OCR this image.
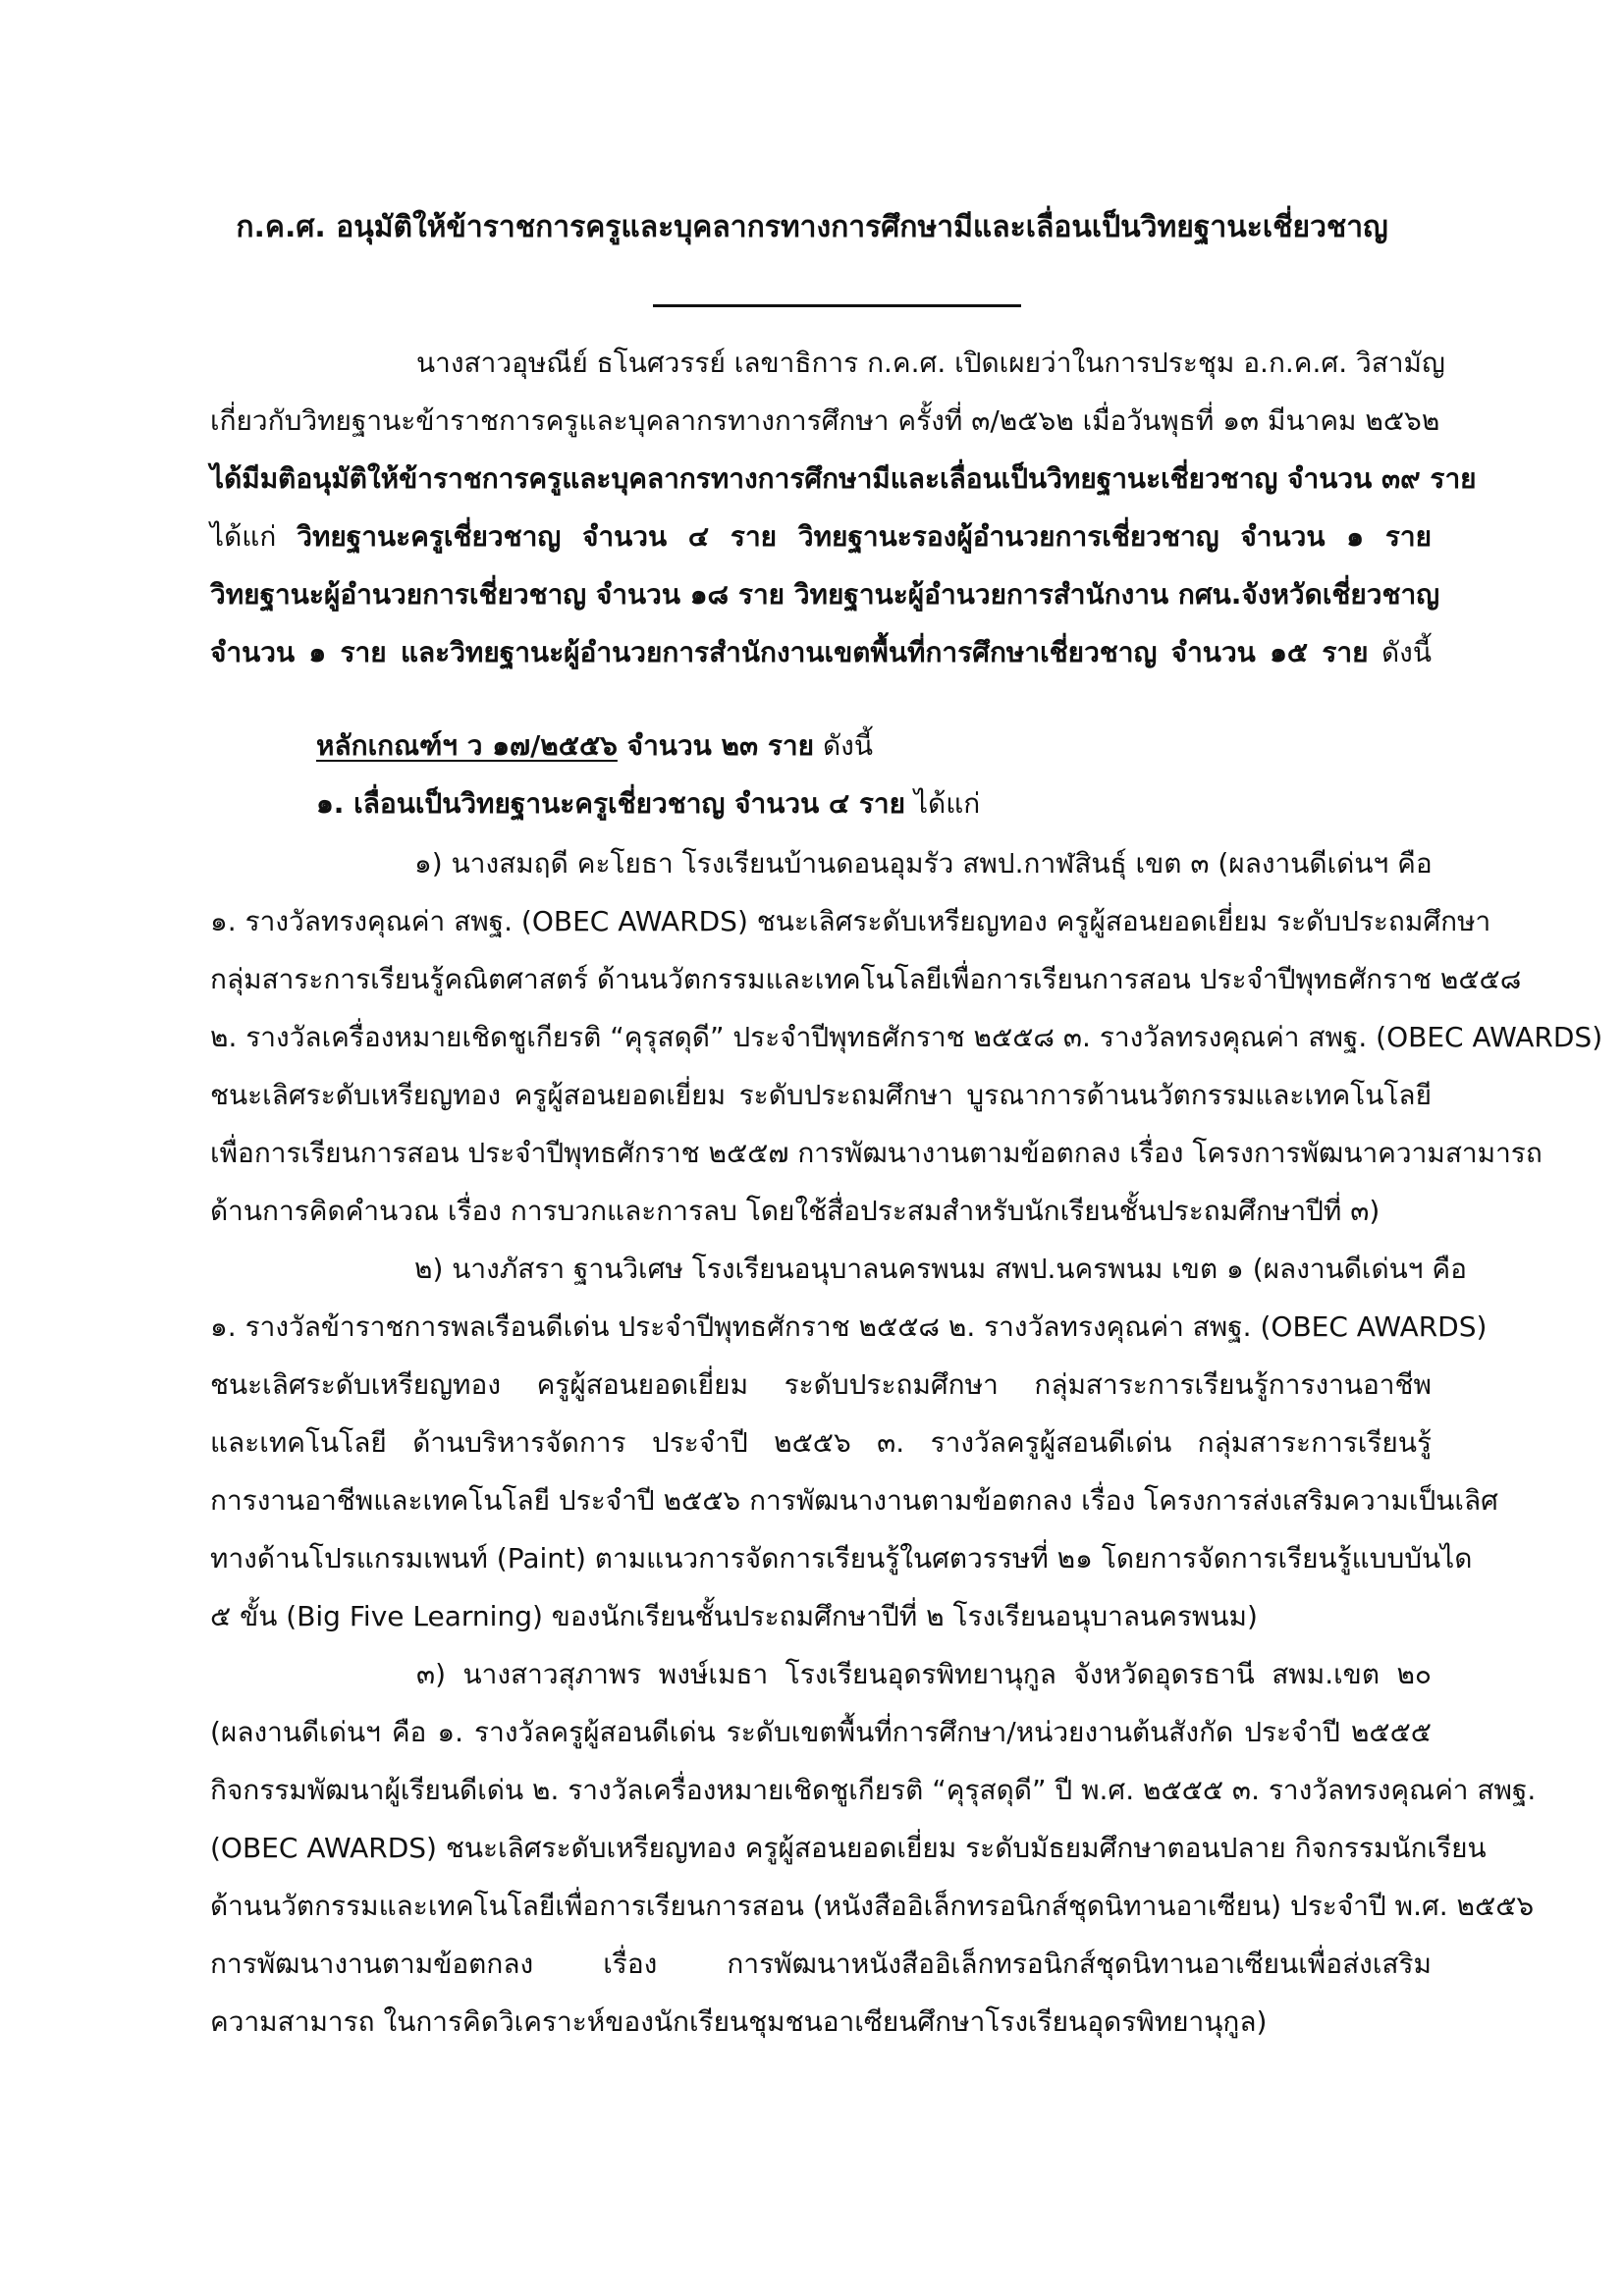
ก.ค.ศ. อนุมัติให้ข้าราชการครูและบุคลากรทางการศึกษามีและเลื่อนเป็นวิทยฐานะเชี่ยวชาญ
นางสาวอุษณีย์ ธโนศวรรย์ เลขาธิการ ก.ค.ศ. เปิดเผยว่าในการประชุม อ.ก.ค.ศ. วิสามัญ
เกี่ยวกับวิทยฐานะข้าราชการครูและบุคลากรทางการศึกษา ครั้งที่ ๓/๒๕๖๒ เมื่อวันพุธที่ ๑๓ มีนาคม ๒๕๖๒
ได้มีมติอนุมัติให้ข้าราชการครูและบุคลากรทางการศึกษามีและเลื่อนเป็นวิทยฐานะเชี่ยวชาญ จำนวน ๓๙ ราย
ได้แก่ วิทยฐานะครูเชี่ยวชาญ จำนวน ๔ ราย วิทยฐานะรองผู้อำนวยการเชี่ยวชาญ จำนวน ๑ ราย
วิทยฐานะผู้อำนวยการเชี่ยวชาญ จำนวน ๑๘ ราย วิทยฐานะผู้อำนวยการสำนักงาน กศน.จังหวัดเชี่ยวชาญ
จำนวน ๑ ราย และวิทยฐานะผู้อำนวยการสำนักงานเขตพื้นที่การศึกษาเชี่ยวชาญ จำนวน ๑๕ ราย ดังนี้
หลักเกณฑ์ฯ ว ๑๗/๒๕๕๖ จำนวน ๒๓ ราย ดังนี้
๑. เลื่อนเป็นวิทยฐานะครูเชี่ยวชาญ จำนวน ๔ ราย ได้แก่
๑) นางสมฤดี คะโยธา โรงเรียนบ้านดอนอุมรัว สพป.กาฬสินธุ์ เขต ๓ (ผลงานดีเด่นฯ คือ
๑. รางวัลทรงคุณค่า สพฐ. (OBEC AWARDS) ชนะเลิศระดับเหรียญทอง ครูผู้สอนยอดเยี่ยม ระดับประถมศึกษา
กลุ่มสาระการเรียนรู้คณิตศาสตร์ ด้านนวัตกรรมและเทคโนโลยีเพื่อการเรียนการสอน ประจำปีพุทธศักราช ๒๕๕๘
๒. รางวัลเครื่องหมายเชิดชูเกียรติ “คุรุสดุดี” ประจำปีพุทธศักราช ๒๕๕๘ ๓. รางวัลทรงคุณค่า สพฐ. (OBEC AWARDS)
ชนะเลิศระดับเหรียญทอง ครูผู้สอนยอดเยี่ยม ระดับประถมศึกษา บูรณาการด้านนวัตกรรมและเทคโนโลยี
เพื่อการเรียนการสอน ประจำปีพุทธศักราช ๒๕๕๗ การพัฒนางานตามข้อตกลง เรื่อง โครงการพัฒนาความสามารถ
ด้านการคิดคำนวณ เรื่อง การบวกและการลบ โดยใช้สื่อประสมสำหรับนักเรียนชั้นประถมศึกษาปีที่ ๓)
๒) นางภัสรา ฐานวิเศษ โรงเรียนอนุบาลนครพนม สพป.นครพนม เขต ๑ (ผลงานดีเด่นฯ คือ
๑. รางวัลข้าราชการพลเรือนดีเด่น ประจำปีพุทธศักราช ๒๕๕๘ ๒. รางวัลทรงคุณค่า สพฐ. (OBEC AWARDS)
ชนะเลิศระดับเหรียญทอง ครูผู้สอนยอดเยี่ยม ระดับประถมศึกษา กลุ่มสาระการเรียนรู้การงานอาชีพ
และเทคโนโลยี ด้านบริหารจัดการ ประจำปี ๒๕๕๖ ๓. รางวัลครูผู้สอนดีเด่น กลุ่มสาระการเรียนรู้
การงานอาชีพและเทคโนโลยี ประจำปี ๒๕๕๖ การพัฒนางานตามข้อตกลง เรื่อง โครงการส่งเสริมความเป็นเลิศ
ทางด้านโปรแกรมเพนท์ (Paint) ตามแนวการจัดการเรียนรู้ในศตวรรษที่ ๒๑ โดยการจัดการเรียนรู้แบบบันได
๕ ขั้น (Big Five Learning) ของนักเรียนชั้นประถมศึกษาปีที่ ๒ โรงเรียนอนุบาลนครพนม)
๓) นางสาวสุภาพร พงษ์เมธา โรงเรียนอุดรพิทยานุกูล จังหวัดอุดรธานี สพม.เขต ๒๐
(ผลงานดีเด่นฯ คือ ๑. รางวัลครูผู้สอนดีเด่น ระดับเขตพื้นที่การศึกษา/หน่วยงานต้นสังกัด ประจำปี ๒๕๕๕
กิจกรรมพัฒนาผู้เรียนดีเด่น ๒. รางวัลเครื่องหมายเชิดชูเกียรติ “คุรุสดุดี” ปี พ.ศ. ๒๕๕๕ ๓. รางวัลทรงคุณค่า สพฐ.
(OBEC AWARDS) ชนะเลิศระดับเหรียญทอง ครูผู้สอนยอดเยี่ยม ระดับมัธยมศึกษาตอนปลาย กิจกรรมนักเรียน
ด้านนวัตกรรมและเทคโนโลยีเพื่อการเรียนการสอน (หนังสืออิเล็กทรอนิกส์ชุดนิทานอาเซียน) ประจำปี พ.ศ. ๒๕๕๖
การพัฒนางานตามข้อตกลง เรื่อง การพัฒนาหนังสืออิเล็กทรอนิกส์ชุดนิทานอาเซียนเพื่อส่งเสริม
ความสามารถ ในการคิดวิเคราะห์ของนักเรียนชุมชนอาเซียนศึกษาโรงเรียนอุดรพิทยานุกูล)
